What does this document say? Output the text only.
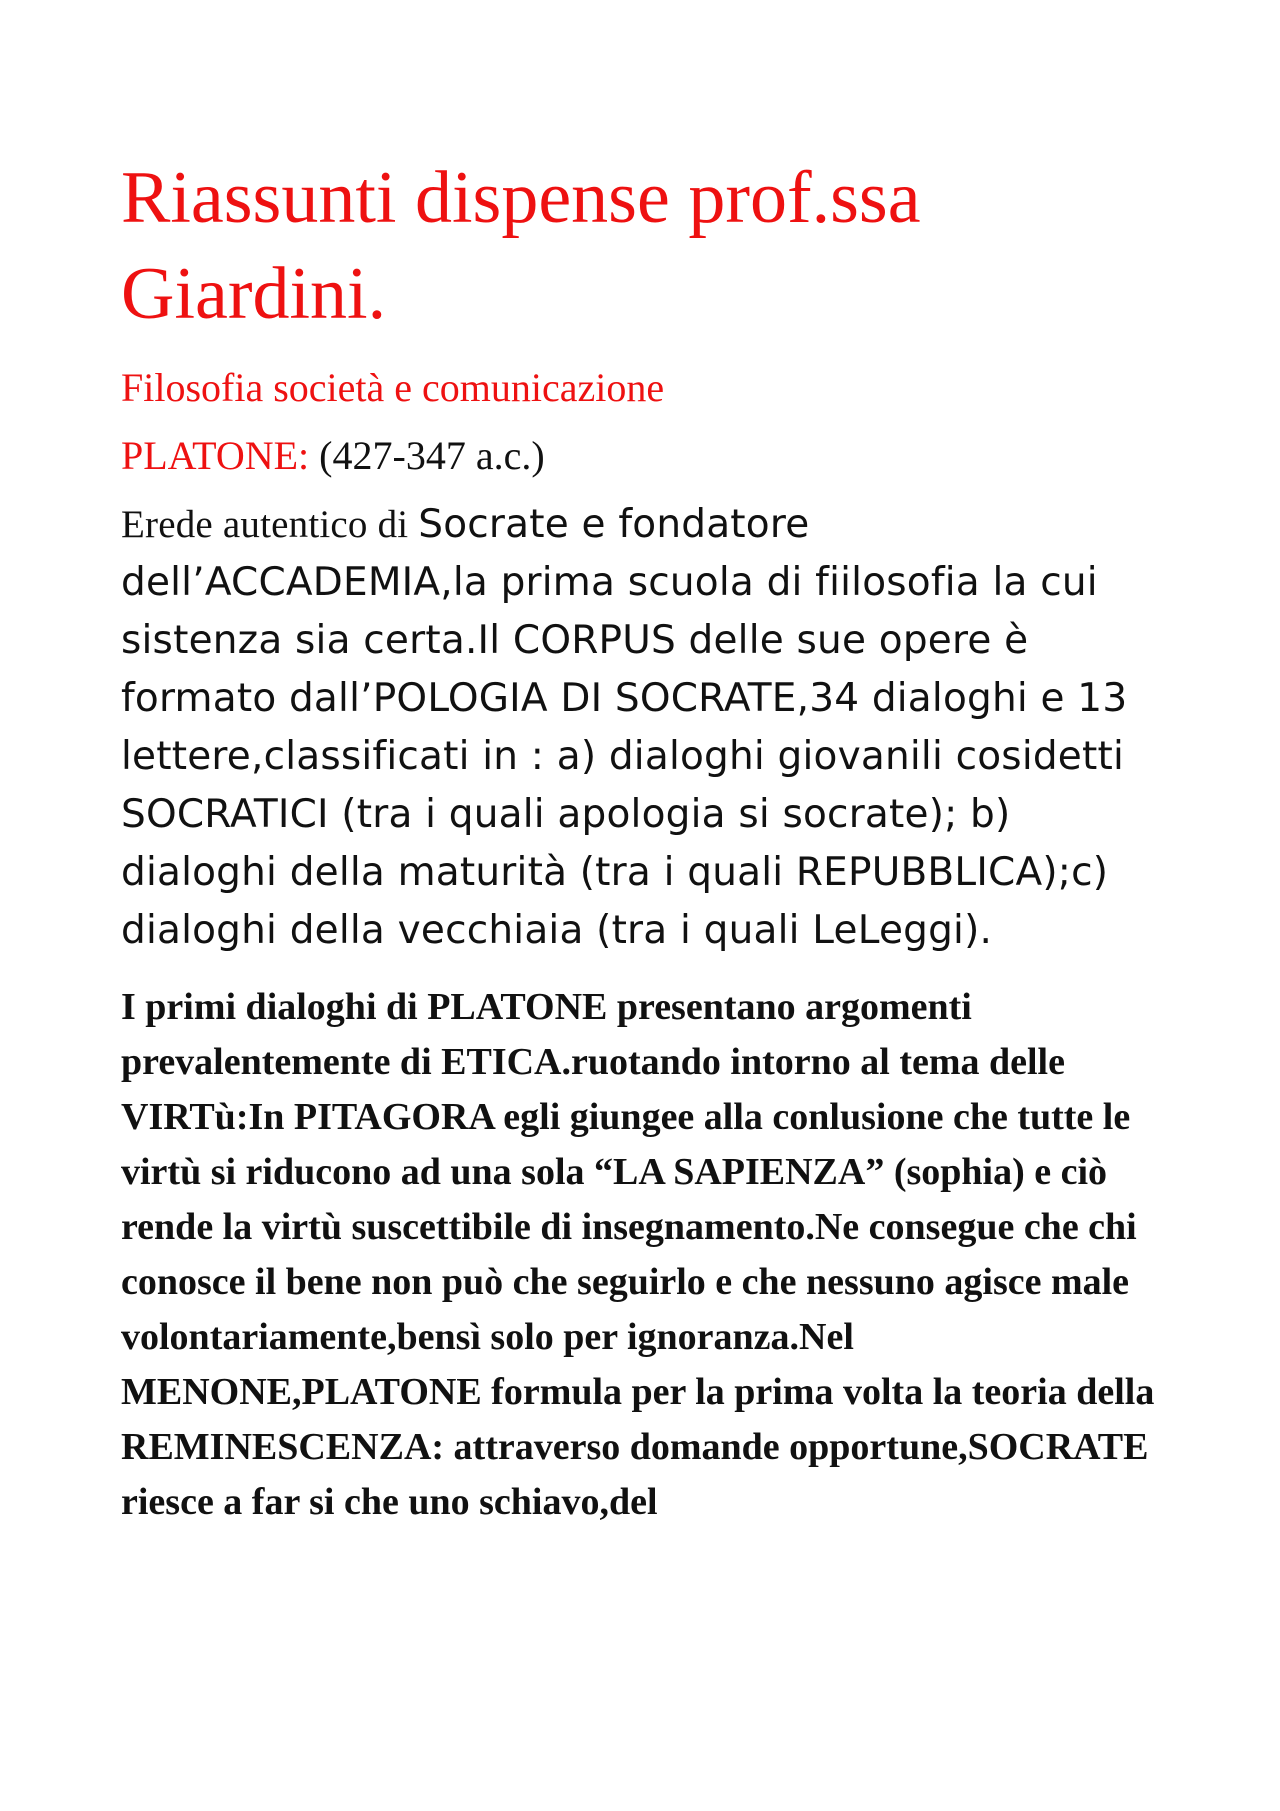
Riassunti dispense prof.ssa Giardini.

Filosofia società e comunicazione

PLATONE: (427-347 a.c.)

Erede autentico di Socrate e fondatore dell’ACCADEMIA,la prima scuola di fiilosofia la cui sistenza sia certa.Il CORPUS delle sue opere è formato dall’POLOGIA DI SOCRATE,34 dialoghi e 13 lettere,classificati in : a) dialoghi giovanili cosidetti SOCRATICI (tra i quali apologia si socrate); b) dialoghi della maturità (tra i quali REPUBBLICA);c) dialoghi della vecchiaia (tra i quali LeLeggi).

I primi dialoghi di PLATONE presentano argomenti prevalentemente di ETICA.ruotando intorno al tema delle VIRTù:In PITAGORA egli giungee alla conlusione che tutte le virtù si riducono ad una sola “LA SAPIENZA” (sophia) e ciò rende la virtù suscettibile di insegnamento.Ne consegue che chi conosce il bene non può che seguirlo e che nessuno agisce male volontariamente,bensì solo per ignoranza.Nel MENONE,PLATONE formula per la prima volta la teoria della REMINESCENZA: attraverso domande opportune,SOCRATE riesce a far si che uno schiavo,del
